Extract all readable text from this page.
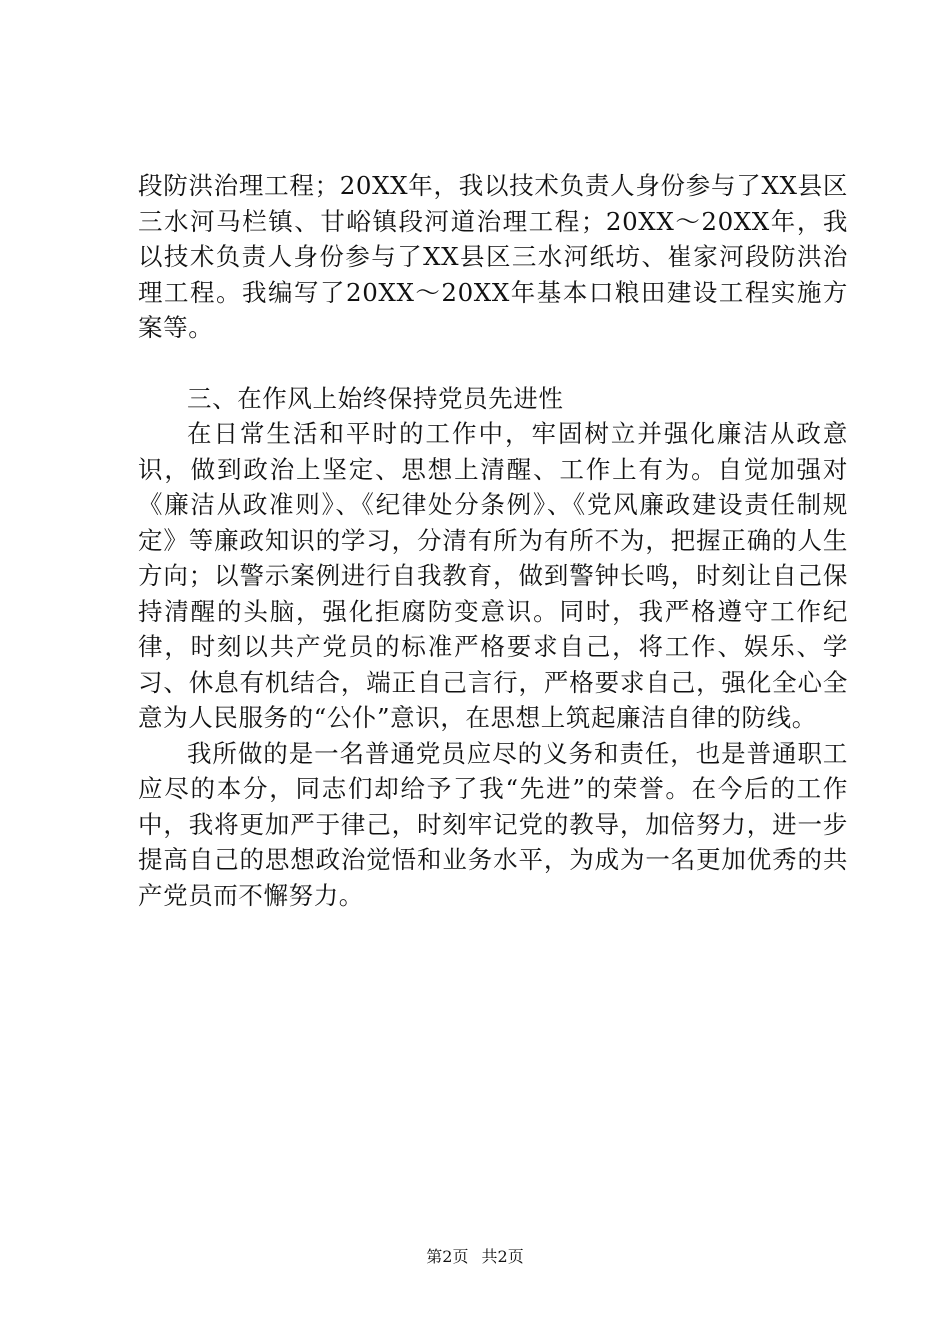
段防洪治理工程；20XX年，我以技术负责人身份参与了XX县区三水河马栏镇、甘峪镇段河道治理工程；20XX～20XX年，我以技术负责人身份参与了XX县区三水河纸坊、崔家河段防洪治理工程。我编写了20XX～20XX年基本口粮田建设工程实施方案等。

三、在作风上始终保持党员先进性

在日常生活和平时的工作中，牢固树立并强化廉洁从政意识，做到政治上坚定、思想上清醒、工作上有为。自觉加强对《廉洁从政准则》、《纪律处分条例》、《党风廉政建设责任制规定》等廉政知识的学习，分清有所为有所不为，把握正确的人生方向；以警示案例进行自我教育，做到警钟长鸣，时刻让自己保持清醒的头脑，强化拒腐防变意识。同时，我严格遵守工作纪律，时刻以共产党员的标准严格要求自己，将工作、娱乐、学习、休息有机结合，端正自己言行，严格要求自己，强化全心全意为人民服务的“公仆”意识，在思想上筑起廉洁自律的防线。

我所做的是一名普通党员应尽的义务和责任，也是普通职工应尽的本分，同志们却给予了我“先进”的荣誉。在今后的工作中，我将更加严于律己，时刻牢记党的教导，加倍努力，进一步提高自己的思想政治觉悟和业务水平，为成为一名更加优秀的共产党员而不懈努力。

第2页 共2页
